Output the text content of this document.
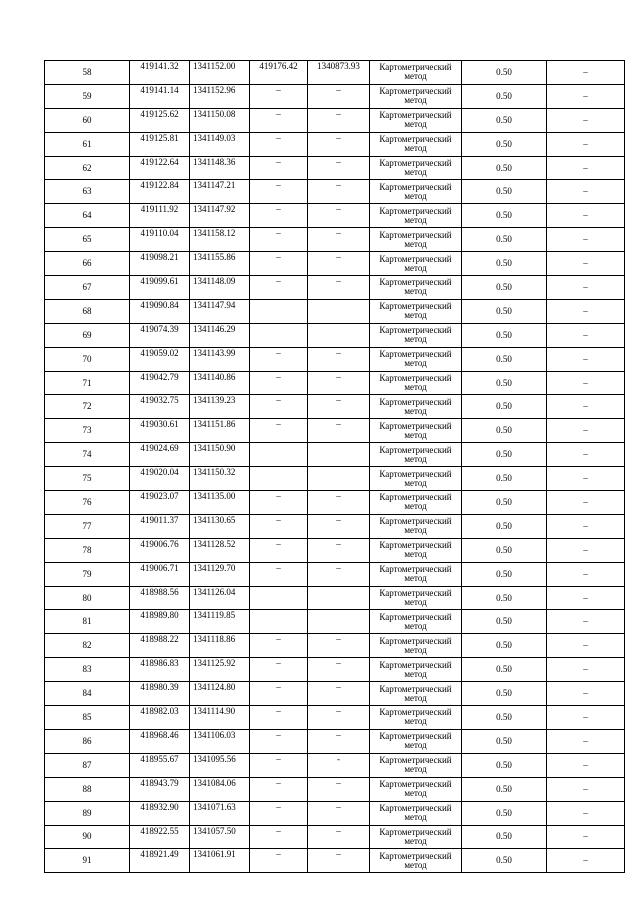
58	419141.32	1341152.00	419176.42	1340873.93	Картометрический метод	0.50	–
59	419141.14	1341152.96	–	–	Картометрический метод	0.50	–
60	419125.62	1341150.08	–	–	Картометрический метод	0.50	–
61	419125.81	1341149.03	–	–	Картометрический метод	0.50	–
62	419122.64	1341148.36	–	–	Картометрический метод	0.50	–
63	419122.84	1341147.21	–	–	Картометрический метод	0.50	–
64	419111.92	1341147.92	–	–	Картометрический метод	0.50	–
65	419110.04	1341158.12	–	–	Картометрический метод	0.50	–
66	419098.21	1341155.86	–	–	Картометрический метод	0.50	–
67	419099.61	1341148.09	–	–	Картометрический метод	0.50	–
68	419090.84	1341147.94			Картометрический метод	0.50	–
69	419074.39	1341146.29			Картометрический метод	0.50	–
70	419059.02	1341143.99	–	–	Картометрический метод	0.50	–
71	419042.79	1341140.86	–	–	Картометрический метод	0.50	–
72	419032.75	1341139.23	–	–	Картометрический метод	0.50	–
73	419030.61	1341151.86	–	–	Картометрический метод	0.50	–
74	419024.69	1341150.90			Картометрический метод	0.50	–
75	419020.04	1341150.32			Картометрический метод	0.50	–
76	419023.07	1341135.00	–	–	Картометрический метод	0.50	–
77	419011.37	1341130.65	–	–	Картометрический метод	0.50	–
78	419006.76	1341128.52	–	–	Картометрический метод	0.50	–
79	419006.71	1341129.70	–	–	Картометрический метод	0.50	–
80	418988.56	1341126.04			Картометрический метод	0.50	–
81	418989.80	1341119.85			Картометрический метод	0.50	–
82	418988.22	1341118.86	–	–	Картометрический метод	0.50	–
83	418986.83	1341125.92	–	–	Картометрический метод	0.50	–
84	418980.39	1341124.80	–	–	Картометрический метод	0.50	–
85	418982.03	1341114.90	–	–	Картометрический метод	0.50	–
86	418968.46	1341106.03	–	–	Картометрический метод	0.50	–
87	418955.67	1341095.56	–	-	Картометрический метод	0.50	–
88	418943.79	1341084.06	–	–	Картометрический метод	0.50	–
89	418932.90	1341071.63	–	–	Картометрический метод	0.50	–
90	418922.55	1341057.50	–	–	Картометрический метод	0.50	–
91	418921.49	1341061.91	–	–	Картометрический метод	0.50	–
